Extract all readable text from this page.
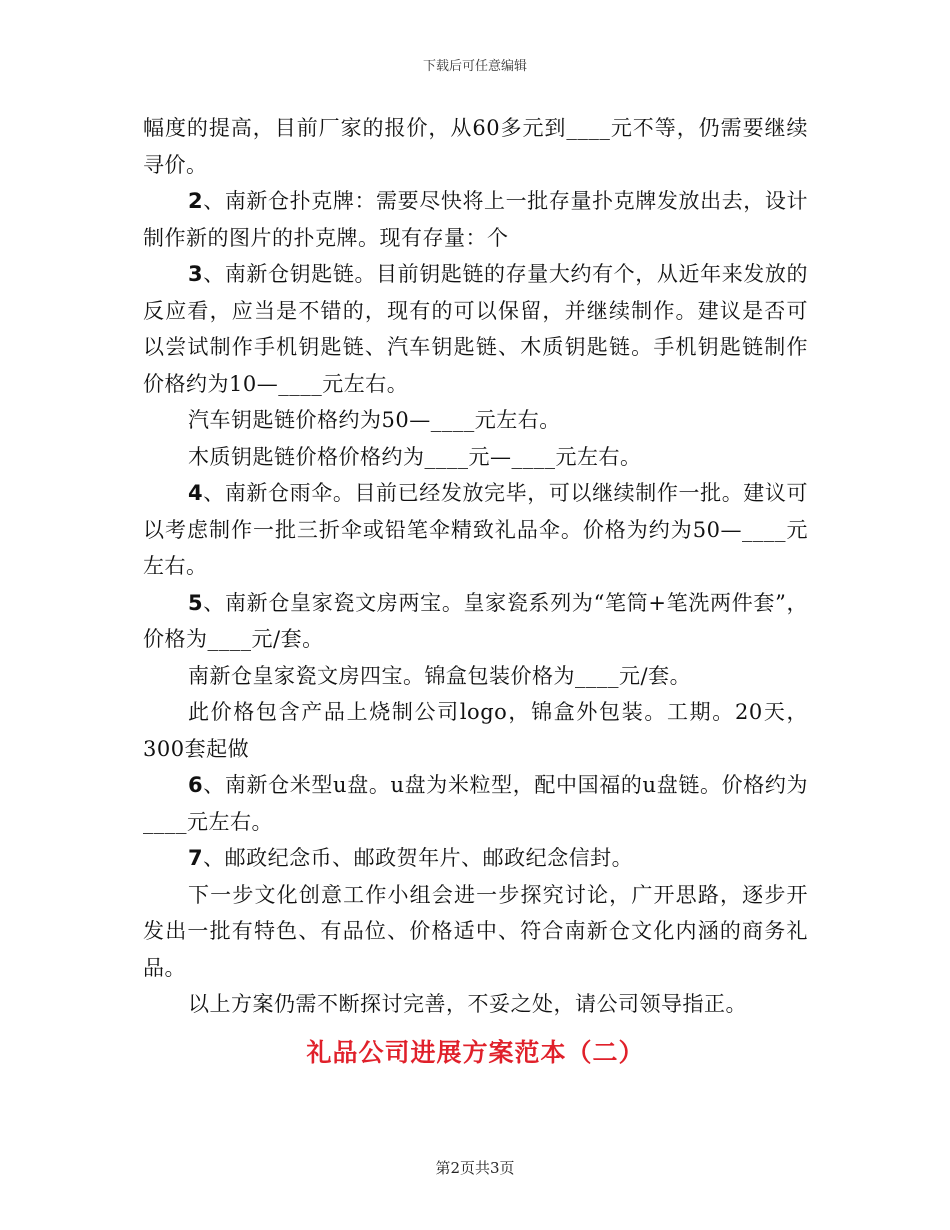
下载后可任意编辑

幅度的提高，目前厂家的报价，从60多元到____元不等，仍需要继续寻价。

2、南新仓扑克牌：需要尽快将上一批存量扑克牌发放出去，设计制作新的图片的扑克牌。现有存量：个

3、南新仓钥匙链。目前钥匙链的存量大约有个，从近年来发放的反应看，应当是不错的，现有的可以保留，并继续制作。建议是否可以尝试制作手机钥匙链、汽车钥匙链、木质钥匙链。手机钥匙链制作价格约为10—____元左右。

汽车钥匙链价格约为50—____元左右。

木质钥匙链价格价格约为____元—____元左右。

4、南新仓雨伞。目前已经发放完毕，可以继续制作一批。建议可以考虑制作一批三折伞或铅笔伞精致礼品伞。价格为约为50—____元左右。

5、南新仓皇家瓷文房两宝。皇家瓷系列为“笔筒+笔洗两件套”，价格为____元/套。

南新仓皇家瓷文房四宝。锦盒包装价格为____元/套。

此价格包含产品上烧制公司logo，锦盒外包装。工期。20天，300套起做

6、南新仓米型u盘。u盘为米粒型，配中国福的u盘链。价格约为____元左右。

7、邮政纪念币、邮政贺年片、邮政纪念信封。

下一步文化创意工作小组会进一步探究讨论，广开思路，逐步开发出一批有特色、有品位、价格适中、符合南新仓文化内涵的商务礼品。

以上方案仍需不断探讨完善，不妥之处，请公司领导指正。

礼品公司进展方案范本（二）
第2页共3页
